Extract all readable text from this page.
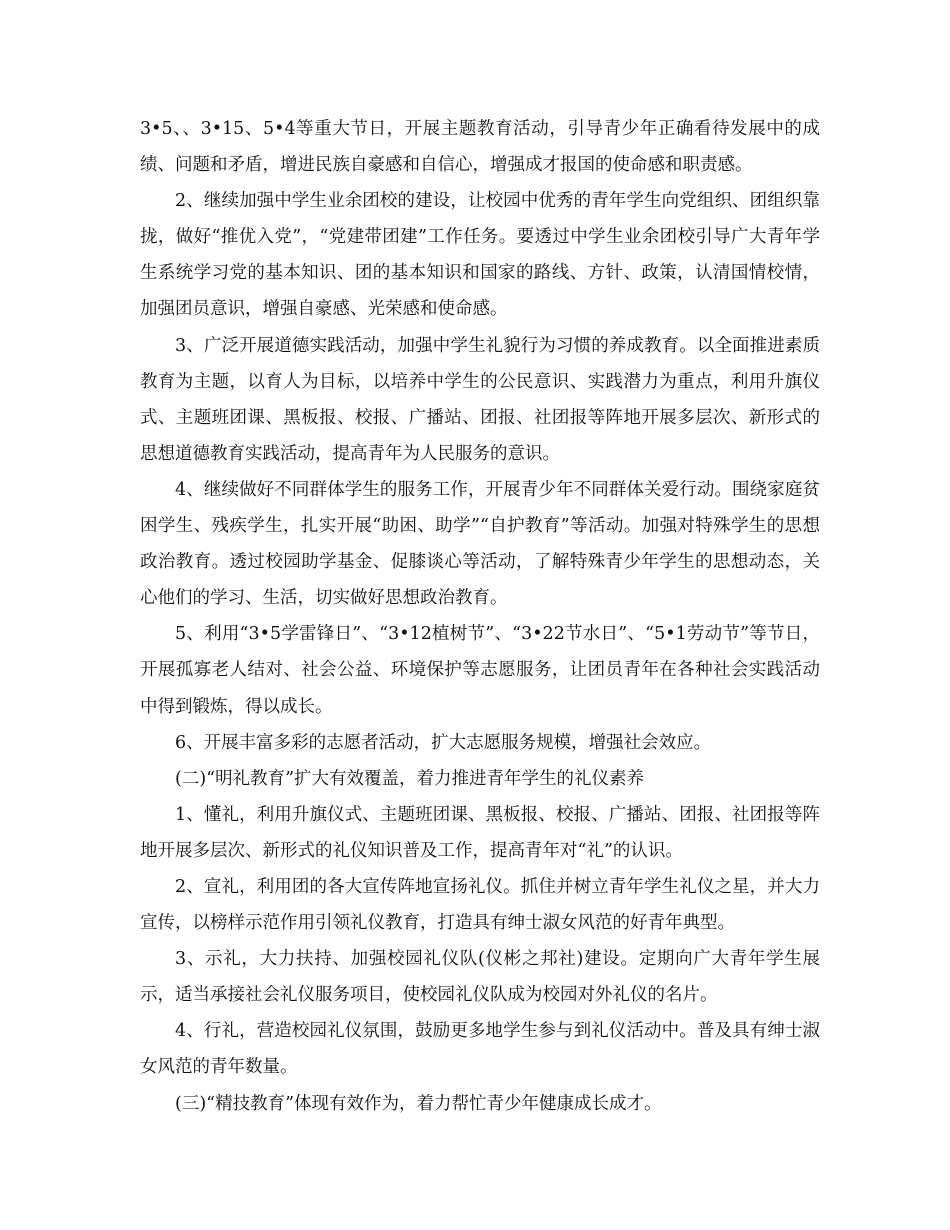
3•5、、3•15、5•4等重大节日，开展主题教育活动，引导青少年正确看待发展中的成绩、问题和矛盾，增进民族自豪感和自信心，增强成才报国的使命感和职责感。

2、继续加强中学生业余团校的建设，让校园中优秀的青年学生向党组织、团组织靠拢，做好“推优入党”，“党建带团建”工作任务。要透过中学生业余团校引导广大青年学生系统学习党的基本知识、团的基本知识和国家的路线、方针、政策，认清国情校情，加强团员意识，增强自豪感、光荣感和使命感。

3、广泛开展道德实践活动，加强中学生礼貌行为习惯的养成教育。以全面推进素质教育为主题，以育人为目标，以培养中学生的公民意识、实践潜力为重点，利用升旗仪式、主题班团课、黑板报、校报、广播站、团报、社团报等阵地开展多层次、新形式的思想道德教育实践活动，提高青年为人民服务的意识。

4、继续做好不同群体学生的服务工作，开展青少年不同群体关爱行动。围绕家庭贫困学生、残疾学生，扎实开展“助困、助学”“自护教育”等活动。加强对特殊学生的思想政治教育。透过校园助学基金、促膝谈心等活动，了解特殊青少年学生的思想动态，关心他们的学习、生活，切实做好思想政治教育。

5、利用“3•5学雷锋日”、“3•12植树节”、“3•22节水日”、“5•1劳动节”等节日，开展孤寡老人结对、社会公益、环境保护等志愿服务，让团员青年在各种社会实践活动中得到锻炼，得以成长。

6、开展丰富多彩的志愿者活动，扩大志愿服务规模，增强社会效应。

(二)“明礼教育”扩大有效覆盖，着力推进青年学生的礼仪素养

1、懂礼，利用升旗仪式、主题班团课、黑板报、校报、广播站、团报、社团报等阵地开展多层次、新形式的礼仪知识普及工作，提高青年对“礼”的认识。

2、宣礼，利用团的各大宣传阵地宣扬礼仪。抓住并树立青年学生礼仪之星，并大力宣传，以榜样示范作用引领礼仪教育，打造具有绅士淑女风范的好青年典型。

3、示礼，大力扶持、加强校园礼仪队(仪彬之邦社)建设。定期向广大青年学生展示，适当承接社会礼仪服务项目，使校园礼仪队成为校园对外礼仪的名片。

4、行礼，营造校园礼仪氛围，鼓励更多地学生参与到礼仪活动中。普及具有绅士淑女风范的青年数量。

(三)“精技教育”体现有效作为，着力帮忙青少年健康成长成才。
